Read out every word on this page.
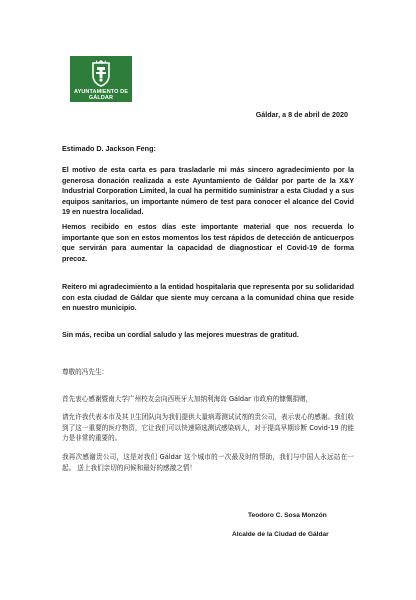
AYUNTAMIENTO DE
GÁLDAR
Gáldar, a 8 de abril de 2020
Estimado D. Jackson Feng:
El motivo de esta carta es para trasladarle mi más sincero agradecimiento por la generosa donación realizada a este Ayuntamiento de Gáldar por parte de la X&Y Industrial Corporation Limited, la cual ha permitido suministrar a esta Ciudad y a sus equipos sanitarios, un importante número de test para conocer el alcance del Covid 19 en nuestra localidad.
Hemos recibido en estos días este importante material que nos recuerda lo importante que son en estos momentos los test rápidos de detección de anticuerpos que servirán para aumentar la capacidad de diagnosticar el Covid-19 de forma precoz.
Reitero mi agradecimiento a la entidad hospitalaria que representa por su solidaridad con esta ciudad de Gáldar que siente muy cercana a la comunidad china que reside en nuestro municipio.
Sin más, reciba un cordial saludo y las mejores muestras de gratitud.
尊敬的冯先生：
首先衷心感谢暨南大学广州校友会向西班牙大加纳利海岛 Gáldar 市政府的慷慨捐赠，
请允许我代表本市及其卫生团队向为我们提供大量病毒测试试剂的贵公司，表示衷心的感谢。我们收到了这一重要的医疗物资，它让我们可以快速筛选测试感染病人，对于提高早期诊断 Covid-19 的能力是非常的重要的。
我再次感谢贵公司，这是对我们 Gáldar 这个城市的一次最及时的帮助，我们与中国人永远站在一起。 送上我们亲切的问候和最好的感激之情！
Teodoro C. Sosa Monzón
Alcalde de la Ciudad de Gáldar
